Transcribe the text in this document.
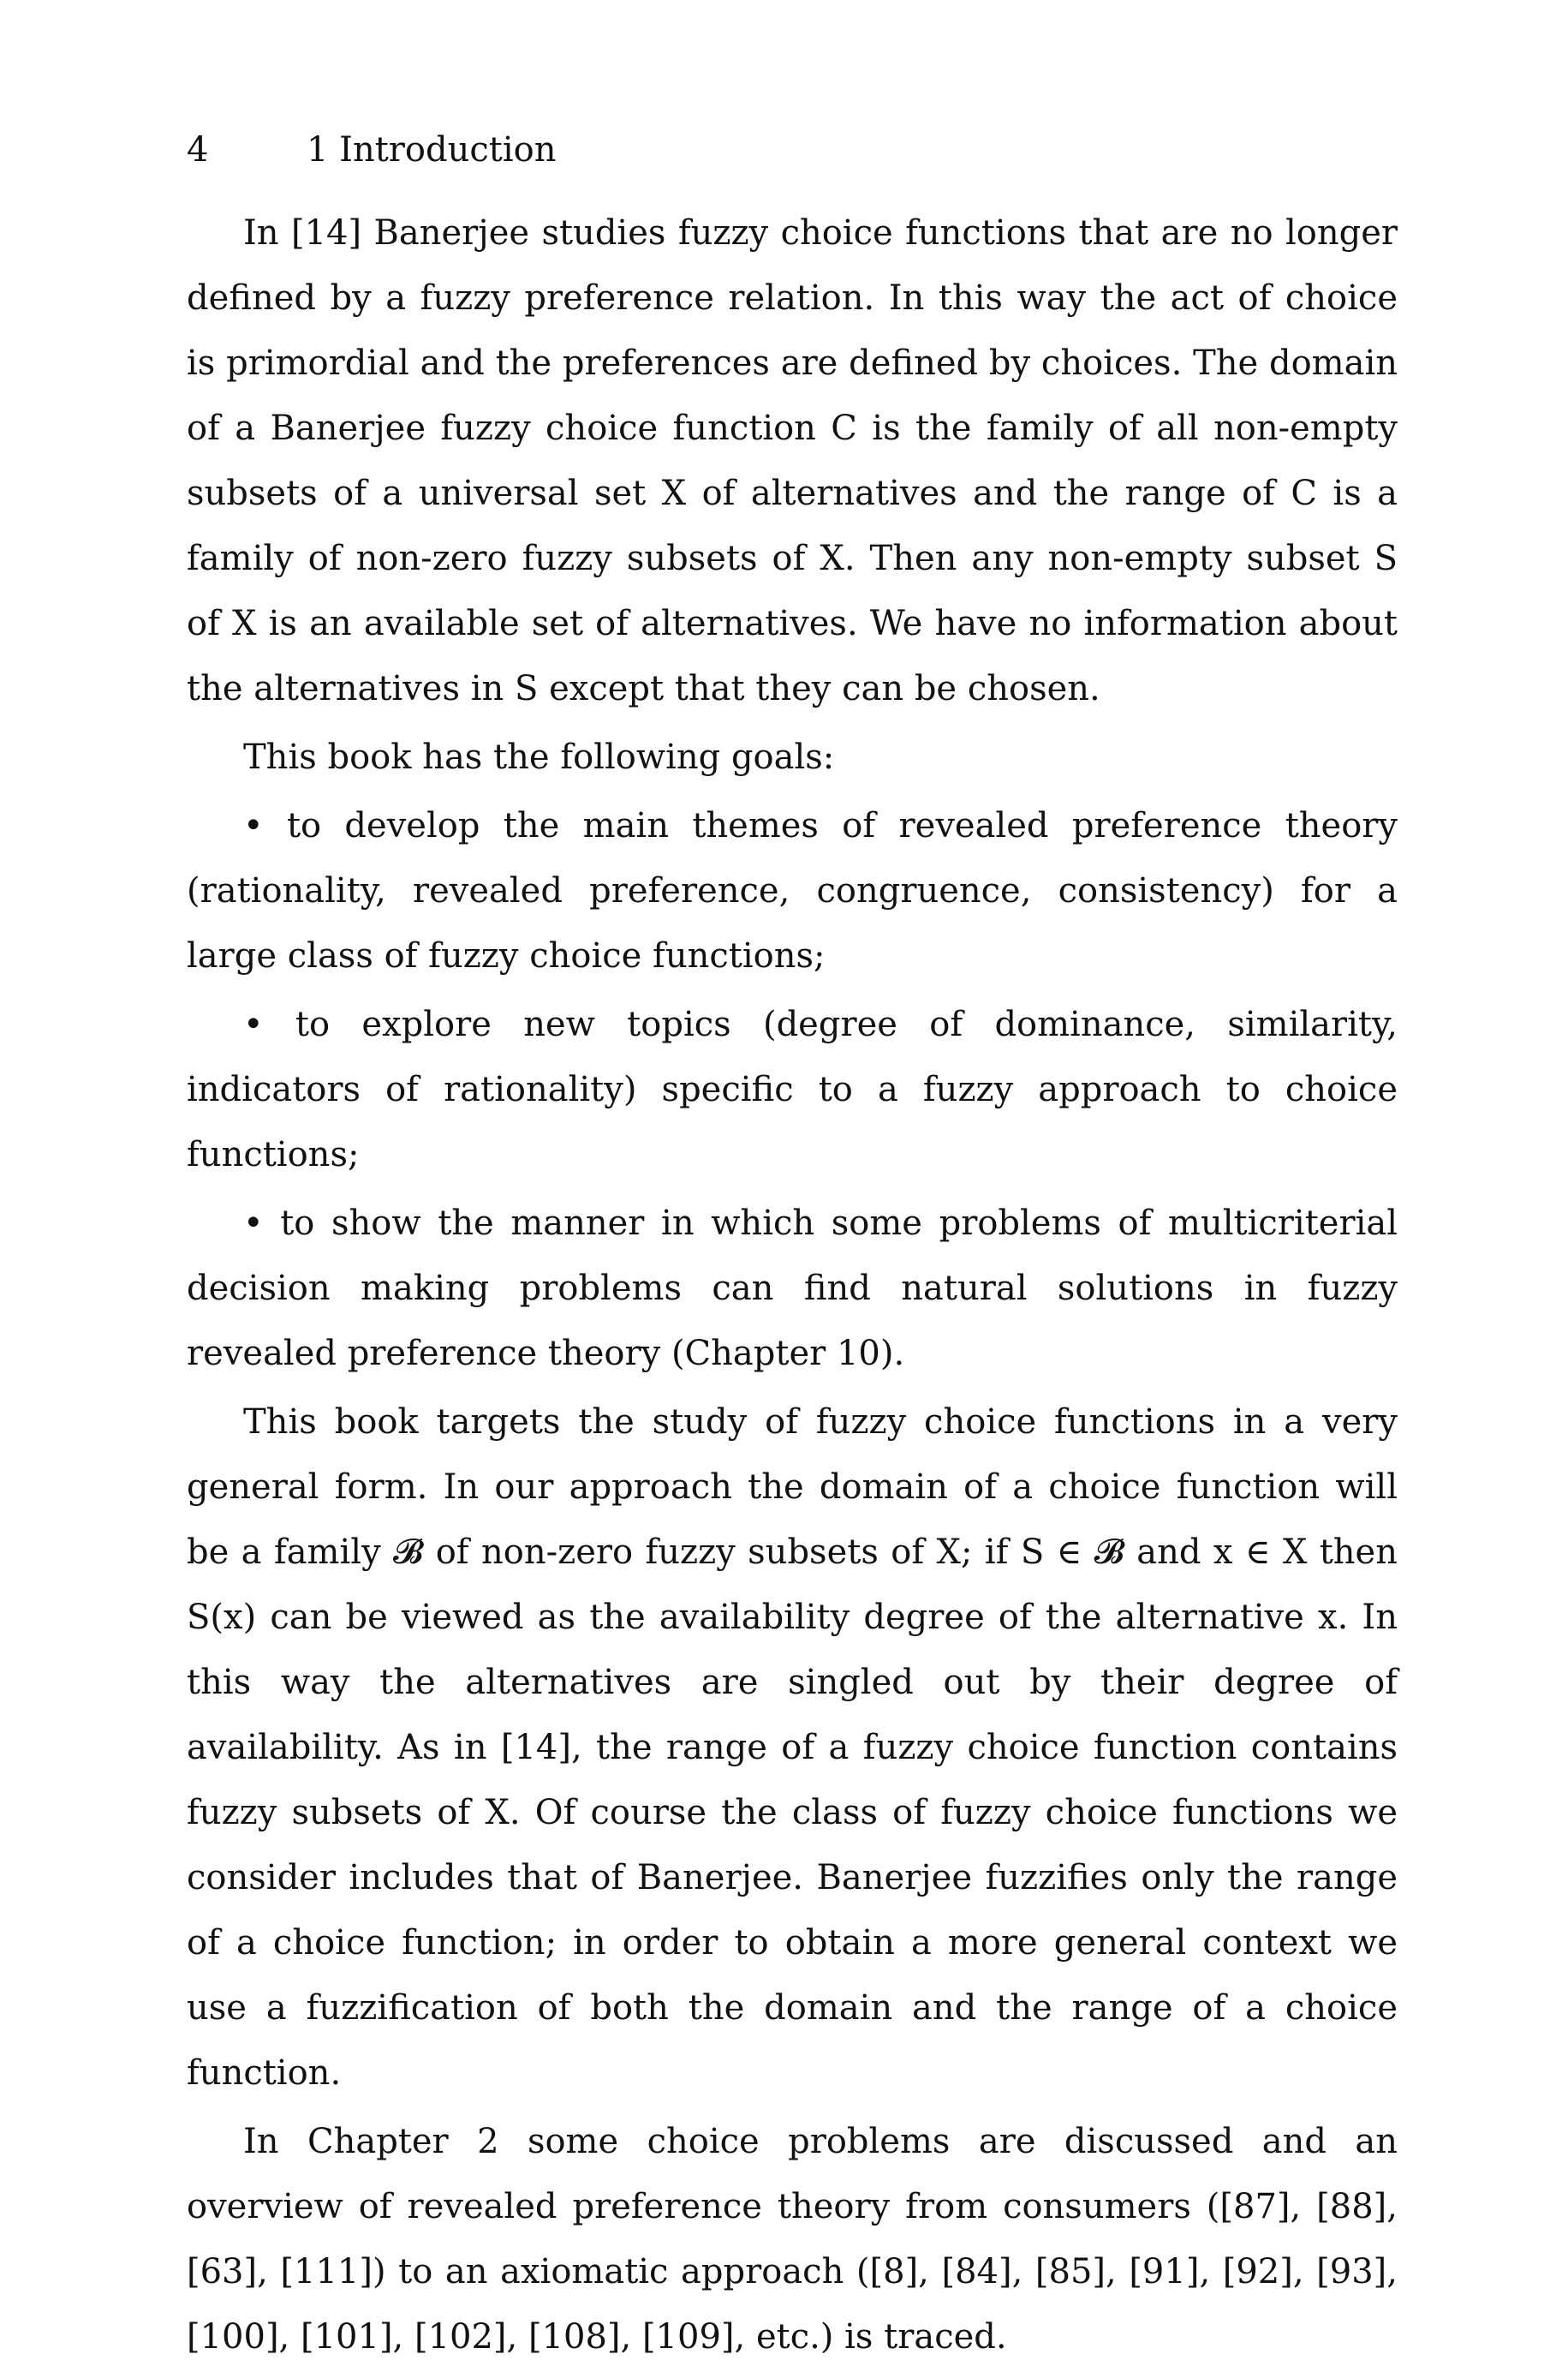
4	1 Introduction

In [14] Banerjee studies fuzzy choice functions that are no longer defined by a fuzzy preference relation. In this way the act of choice is primordial and the preferences are defined by choices. The domain of a Banerjee fuzzy choice function C is the family of all non-empty subsets of a universal set X of alternatives and the range of C is a family of non-zero fuzzy subsets of X. Then any non-empty subset S of X is an available set of alternatives. We have no information about the alternatives in S except that they can be chosen.

This book has the following goals:

• to develop the main themes of revealed preference theory (rationality, revealed preference, congruence, consistency) for a large class of fuzzy choice functions;
• to explore new topics (degree of dominance, similarity, indicators of rationality) specific to a fuzzy approach to choice functions;
• to show the manner in which some problems of multicriterial decision making problems can find natural solutions in fuzzy revealed preference theory (Chapter 10).

This book targets the study of fuzzy choice functions in a very general form. In our approach the domain of a choice function will be a family 𝓑 of non-zero fuzzy subsets of X; if S ∈ 𝓑 and x ∈ X then S(x) can be viewed as the availability degree of the alternative x. In this way the alternatives are singled out by their degree of availability. As in [14], the range of a fuzzy choice function contains fuzzy subsets of X. Of course the class of fuzzy choice functions we consider includes that of Banerjee. Banerjee fuzzifies only the range of a choice function; in order to obtain a more general context we use a fuzzification of both the domain and the range of a choice function.

In Chapter 2 some choice problems are discussed and an overview of revealed preference theory from consumers ([87], [88], [63], [111]) to an axiomatic approach ([8], [84], [85], [91], [92], [93], [100], [101], [102], [108], [109], etc.) is traced.
